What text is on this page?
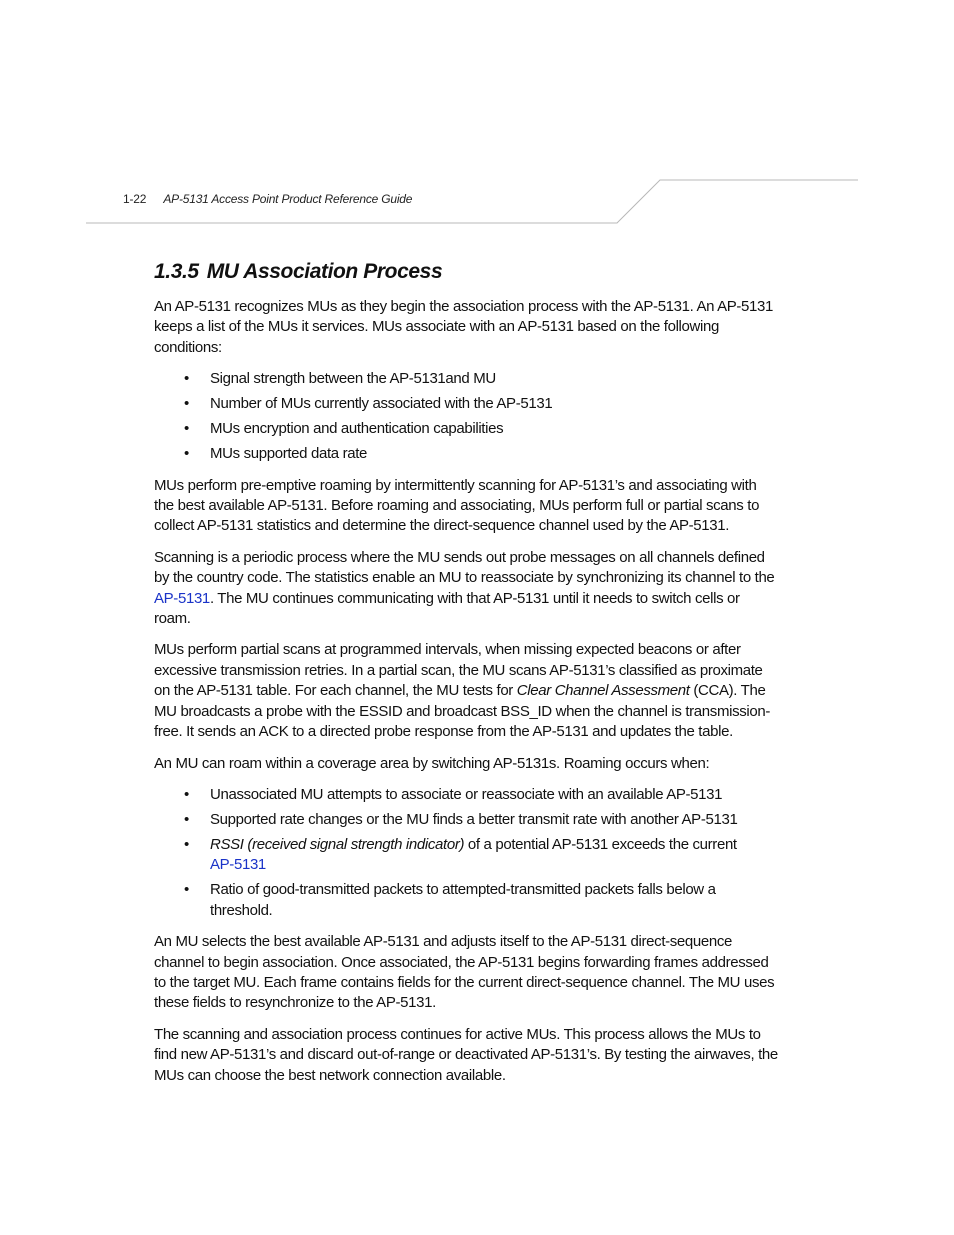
1-22 AP-5131 Access Point Product Reference Guide
1.3.5 MU Association Process

An AP-5131 recognizes MUs as they begin the association process with the AP-5131. An AP-5131 keeps a list of the MUs it services. MUs associate with an AP-5131 based on the following conditions:

• Signal strength between the AP-5131and MU
• Number of MUs currently associated with the AP-5131
• MUs encryption and authentication capabilities
• MUs supported data rate

MUs perform pre-emptive roaming by intermittently scanning for AP-5131’s and associating with the best available AP-5131. Before roaming and associating, MUs perform full or partial scans to collect AP-5131 statistics and determine the direct-sequence channel used by the AP-5131.

Scanning is a periodic process where the MU sends out probe messages on all channels defined by the country code. The statistics enable an MU to reassociate by synchronizing its channel to the AP-5131. The MU continues communicating with that AP-5131 until it needs to switch cells or roam.

MUs perform partial scans at programmed intervals, when missing expected beacons or after excessive transmission retries. In a partial scan, the MU scans AP-5131’s classified as proximate on the AP-5131 table. For each channel, the MU tests for Clear Channel Assessment (CCA). The MU broadcasts a probe with the ESSID and broadcast BSS_ID when the channel is transmission-free. It sends an ACK to a directed probe response from the AP-5131 and updates the table.

An MU can roam within a coverage area by switching AP-5131s. Roaming occurs when:

• Unassociated MU attempts to associate or reassociate with an available AP-5131
• Supported rate changes or the MU finds a better transmit rate with another AP-5131
• RSSI (received signal strength indicator) of a potential AP-5131 exceeds the current
AP-5131
• Ratio of good-transmitted packets to attempted-transmitted packets falls below a threshold.

An MU selects the best available AP-5131 and adjusts itself to the AP-5131 direct-sequence channel to begin association. Once associated, the AP-5131 begins forwarding frames addressed to the target MU. Each frame contains fields for the current direct-sequence channel. The MU uses these fields to resynchronize to the AP-5131.

The scanning and association process continues for active MUs. This process allows the MUs to find new AP-5131’s and discard out-of-range or deactivated AP-5131’s. By testing the airwaves, the MUs can choose the best network connection available.
